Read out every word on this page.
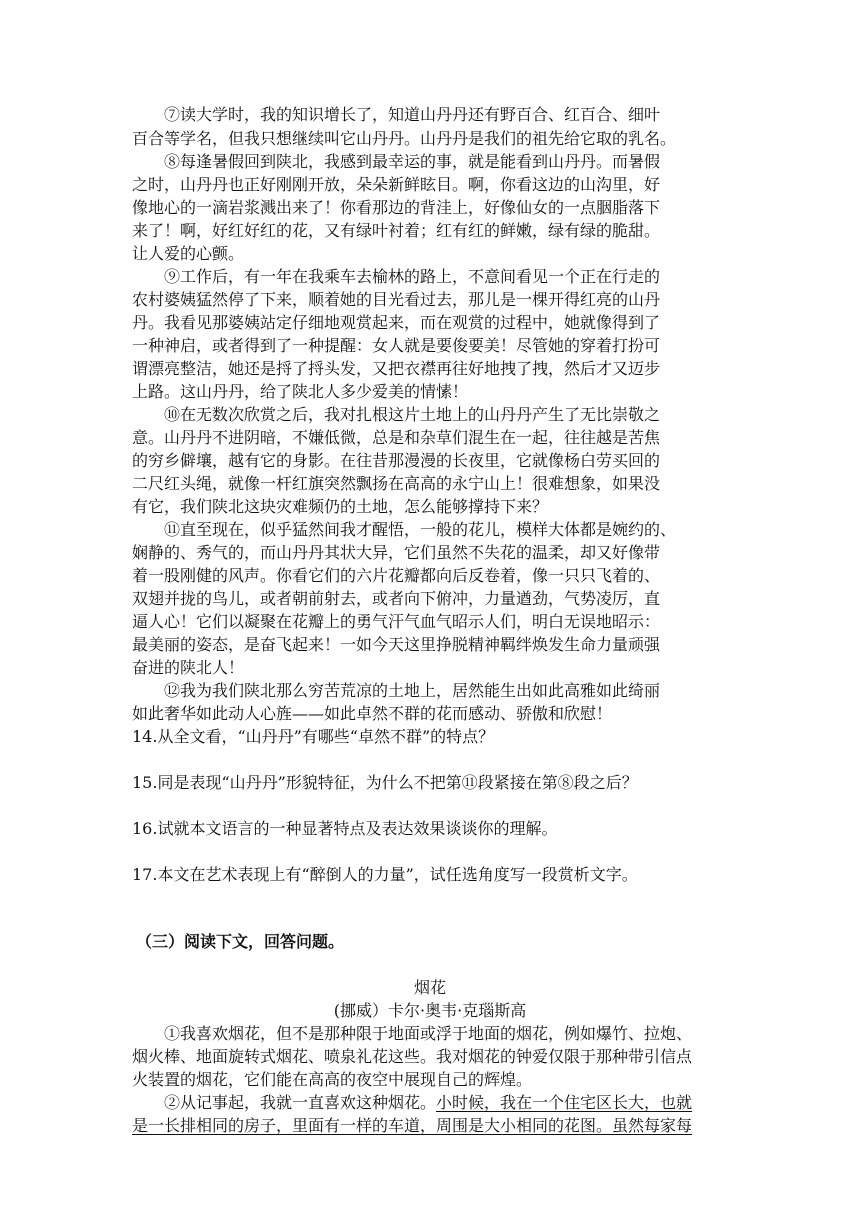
⑦读大学时，我的知识增长了，知道山丹丹还有野百合、红百合、细叶
百合等学名，但我只想继续叫它山丹丹。山丹丹是我们的祖先给它取的乳名。
⑧每逢暑假回到陕北，我感到最幸运的事，就是能看到山丹丹。而暑假
之时，山丹丹也正好刚刚开放，朵朵新鲜眩目。啊，你看这边的山沟里，好
像地心的一滴岩浆溅出来了！你看那边的背洼上，好像仙女的一点胭脂落下
来了！啊，好红好红的花，又有绿叶衬着；红有红的鲜嫩，绿有绿的脆甜。
让人爱的心颤。
⑨工作后，有一年在我乘车去榆林的路上，不意间看见一个正在行走的
农村婆姨猛然停了下来，顺着她的目光看过去，那儿是一棵开得红亮的山丹
丹。我看见那婆姨站定仔细地观赏起来，而在观赏的过程中，她就像得到了
一种神启，或者得到了一种提醒：女人就是要俊要美！尽管她的穿着打扮可
谓漂亮整洁，她还是捋了捋头发，又把衣襟再往好地拽了拽，然后才又迈步
上路。这山丹丹，给了陕北人多少爱美的情愫！
⑩在无数次欣赏之后，我对扎根这片土地上的山丹丹产生了无比崇敬之
意。山丹丹不进阴暗，不嫌低微，总是和杂草们混生在一起，往往越是苦焦
的穷乡僻壤，越有它的身影。在往昔那漫漫的长夜里，它就像杨白劳买回的
二尺红头绳，就像一杆红旗突然飘扬在高高的永宁山上！很难想象，如果没
有它，我们陕北这块灾难频仍的土地，怎么能够撑持下来？
⑪直至现在，似乎猛然间我才醒悟，一般的花儿，模样大体都是婉约的、
娴静的、秀气的，而山丹丹其状大异，它们虽然不失花的温柔，却又好像带
着一股刚健的风声。你看它们的六片花瓣都向后反卷着，像一只只飞着的、
双翅并拢的鸟儿，或者朝前射去，或者向下俯冲，力量遒劲，气势凌厉，直
逼人心！它们以凝聚在花瓣上的勇气汗气血气昭示人们，明白无误地昭示：
最美丽的姿态，是奋飞起来！一如今天这里挣脱精神羁绊焕发生命力量顽强
奋进的陕北人！
⑫我为我们陕北那么穷苦荒凉的土地上，居然能生出如此高雅如此绮丽
如此奢华如此动人心旌——如此卓然不群的花而感动、骄傲和欣慰！
14.从全文看，“山丹丹”有哪些“卓然不群”的特点？
15.同是表现“山丹丹”形貌特征，为什么不把第⑪段紧接在第⑧段之后？
16.试就本文语言的一种显著特点及表达效果谈谈你的理解。
17.本文在艺术表现上有“醉倒人的力量”，试任选角度写一段赏析文字。
（三）阅读下文，回答问题。
烟花
(挪威）卡尔·奥韦·克瑙斯高
①我喜欢烟花，但不是那种限于地面或浮于地面的烟花，例如爆竹、拉炮、
烟火棒、地面旋转式烟花、喷泉礼花这些。我对烟花的钟爱仅限于那种带引信点
火装置的烟花，它们能在高高的夜空中展现自己的辉煌。
②从记事起，我就一直喜欢这种烟花。小时候，我在一个住宅区长大，也就
是一长排相同的房子，里面有一样的车道，周围是大小相同的花图。虽然每家每
